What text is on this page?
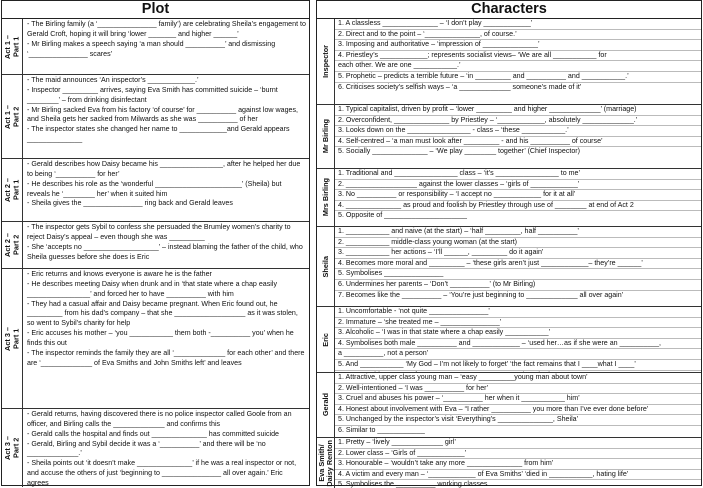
Plot
Act 1 –
Part 1

- The Birling family (a ‘_______________ family’) are celebrating Sheila’s engagement to Gerald Croft, hoping it will bring ‘lower _______ and higher ______’

- Mr Birling makes a speech saying ‘a man should __________’ and dismissing ‘_______________ scares’

Act 1 –
Part 2

- The maid announces ‘An inspector’s ____________.’

- Inspector _________ arrives, saying Eva Smith has committed suicide – ‘burnt ________’ – from drinking disinfectant

- Mr Birling sacked Eva from his factory ‘of course’ for __________ against low wages, and Sheila gets her sacked from Milwards as she was __________ of her

- The inspector states she changed her name to ____________and Gerald appears ______________

Act 2 –
Part 1

- Gerald describes how Daisy became his ________________, after he helped her due to being ‘__________ for her’

- He describes his role as the ‘wonderful ______________________’ (Sheila) but reveals he ‘________ her’ when it suited him

- Sheila gives the _______________ ring back and Gerald leaves

Act 2 –
Part 2

- The inspector gets Sybil to confess she persuaded the Brumley women’s charity to reject Daisy’s appeal – even though she was _________

- She ‘accepts no ___________________’ – instead blaming the father of the child, who Sheila guesses before she does is Eric

Act 3 –
Part 1

- Eric returns and knows everyone is aware he is the father

- He describes meeting Daisy when drunk and in ‘that state where a chap easily ________________’ and forced her to have __________ with him

- They had a casual affair and Daisy became pregnant. When Eric found out, he _________ from his dad’s company – that she __________________ as it was stolen, so went to Sybil’s charity for help

- Eric accuses his mother – ‘you ___________ them both -__________ you’ when he finds this out

- The inspector reminds the family they are all ‘_____________ for each other’ and there are ‘_____________ of Eva Smiths and John Smiths left’ and leaves

Act 3 –
Part 2

- Gerald returns, having discovered there is no police inspector called Goole from an officer, and Birling calls the _____________ and confirms this

- Gerald calls the hospital and finds out ______________ has committed suicide

- Gerald, Birling and Sybil decide it was a ‘__________’ and there will be ‘no _____________.’

- Sheila points out ‘it doesn’t make ______________’ if he was a real inspector or not, and accuse the others of just ‘beginning to _______________ all over again.’ Eric agrees

Characters
Inspector
1. A classless ______________ – ‘I don’t play ____________’
2. Direct and to the point – ‘______________, of course.’
3. Imposing and authoritative – ‘impression of ______________’
4. Priestley’s ____________; represents socialist views– ‘We are all ___________ for
each other. We are one ___________.’
5. Prophetic – predicts a terrible future – ‘in _________ and __________ and ___________.’
6. Criticises society’s selfish ways – ‘a _____________ someone’s made of it’
Mr Birling
1. Typical capitalist, driven by profit – ‘lower _________ and higher _____________’ (marriage)
2. Overconfident, ______________ by Priestley – ‘____________, absolutely _____________.’
3. Looks down on the ________________ - class – ‘these ___________.’
4. Self-centred – ‘a man must look after _________ - and his __________ of course’
5. Socially ______________ – ‘We play ________ together’ (Chief Inspector)
Mrs Birling
1. Traditional and ________________ class – ‘it’s ________________ to me’
2. __________________ against the lower classes – ‘girls of ____________’
3. No __________ or responsibility – ‘I accept no ____________ for it at all’
4. ______________ as proud and foolish by Priestley through use of ________ at end of Act 2
5. Opposite of _____________________
Sheila
1. ___________ and naive (at the start) – ‘half _________, half __________’
2. ___________ middle-class young woman (at the start)
3. ___________ her actions – ‘I’ll ______, _________ do it again’
4. Becomes more moral and _________ – ‘these girls aren’t just ____________– they’re ______’
5. Symbolises _______________
6. Undermines her parents – ‘Don’t __________’ (to Mr Birling)
7. Becomes like the __________ – ‘You’re just beginning to _____________ all over again’
Eric
1. Uncomfortable - ‘not quite _______________’
2. Immature – ‘she treated me – _______________’
3. Alcoholic – ‘I was in that state where a chap easily ___________’
4. Symbolises both male __________ and ____________ – ‘used her…as if she were an __________,
a __________, not a person’
5. And ___________ ‘My God – I’m not likely to forget’ ‘the fact remains that I ____what I ____’
Gerald
1. Attractive, upper class young man – ‘easy _________young man about town’
2. Well-intentioned – ‘I was __________ for her’
3. Cruel and abuses his power – ‘__________ her when it ___________ him’
4. Honest about involvement with Eva – “I rather __________ you more than I’ve ever done before’
5. Unchanged by the inspector’s visit ‘Everything’s ______________, Sheila’
6. Similar to ____________
Eva Smith/
Daisy Renton 1. Pretty – ‘lively _____________ girl’
2. Lower class – ‘Girls of ____________’
3. Honourable – ‘wouldn’t take any more ______________ from him’
4. A victim and every man – ‘____________ of Eva Smiths’ ‘died in ___________, hating life’
5. Symbolises the __________ working classes
